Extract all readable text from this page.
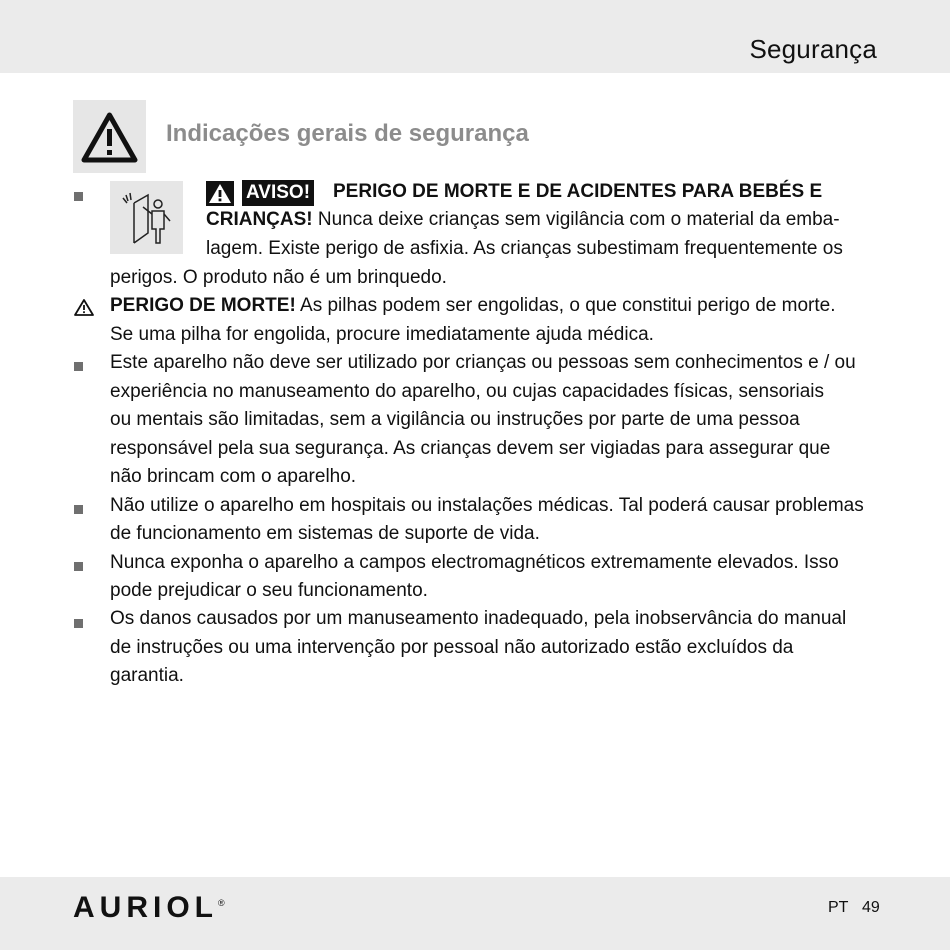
Segurança
Indicações gerais de segurança
AVISO! PERIGO DE MORTE E DE ACIDENTES PARA BEBÉS E
CRIANÇAS! Nunca deixe crianças sem vigilância com o material da emba-
lagem. Existe perigo de asfixia. As crianças subestimam frequentemente os
perigos. O produto não é um brinquedo.
PERIGO DE MORTE! As pilhas podem ser engolidas, o que constitui perigo de morte.
Se uma pilha for engolida, procure imediatamente ajuda médica.
Este aparelho não deve ser utilizado por crianças ou pessoas sem conhecimentos e / ou
experiência no manuseamento do aparelho, ou cujas capacidades físicas, sensoriais
ou mentais são limitadas, sem a vigilância ou instruções por parte de uma pessoa
responsável pela sua segurança. As crianças devem ser vigiadas para assegurar que
não brincam com o aparelho.
Não utilize o aparelho em hospitais ou instalações médicas. Tal poderá causar problemas
de funcionamento em sistemas de suporte de vida.
Nunca exponha o aparelho a campos electromagnéticos extremamente elevados. Isso
pode prejudicar o seu funcionamento.
Os danos causados por um manuseamento inadequado, pela inobservância do manual
de instruções ou uma intervenção por pessoal não autorizado estão excluídos da
garantia.
AURIOL®	PT 49
